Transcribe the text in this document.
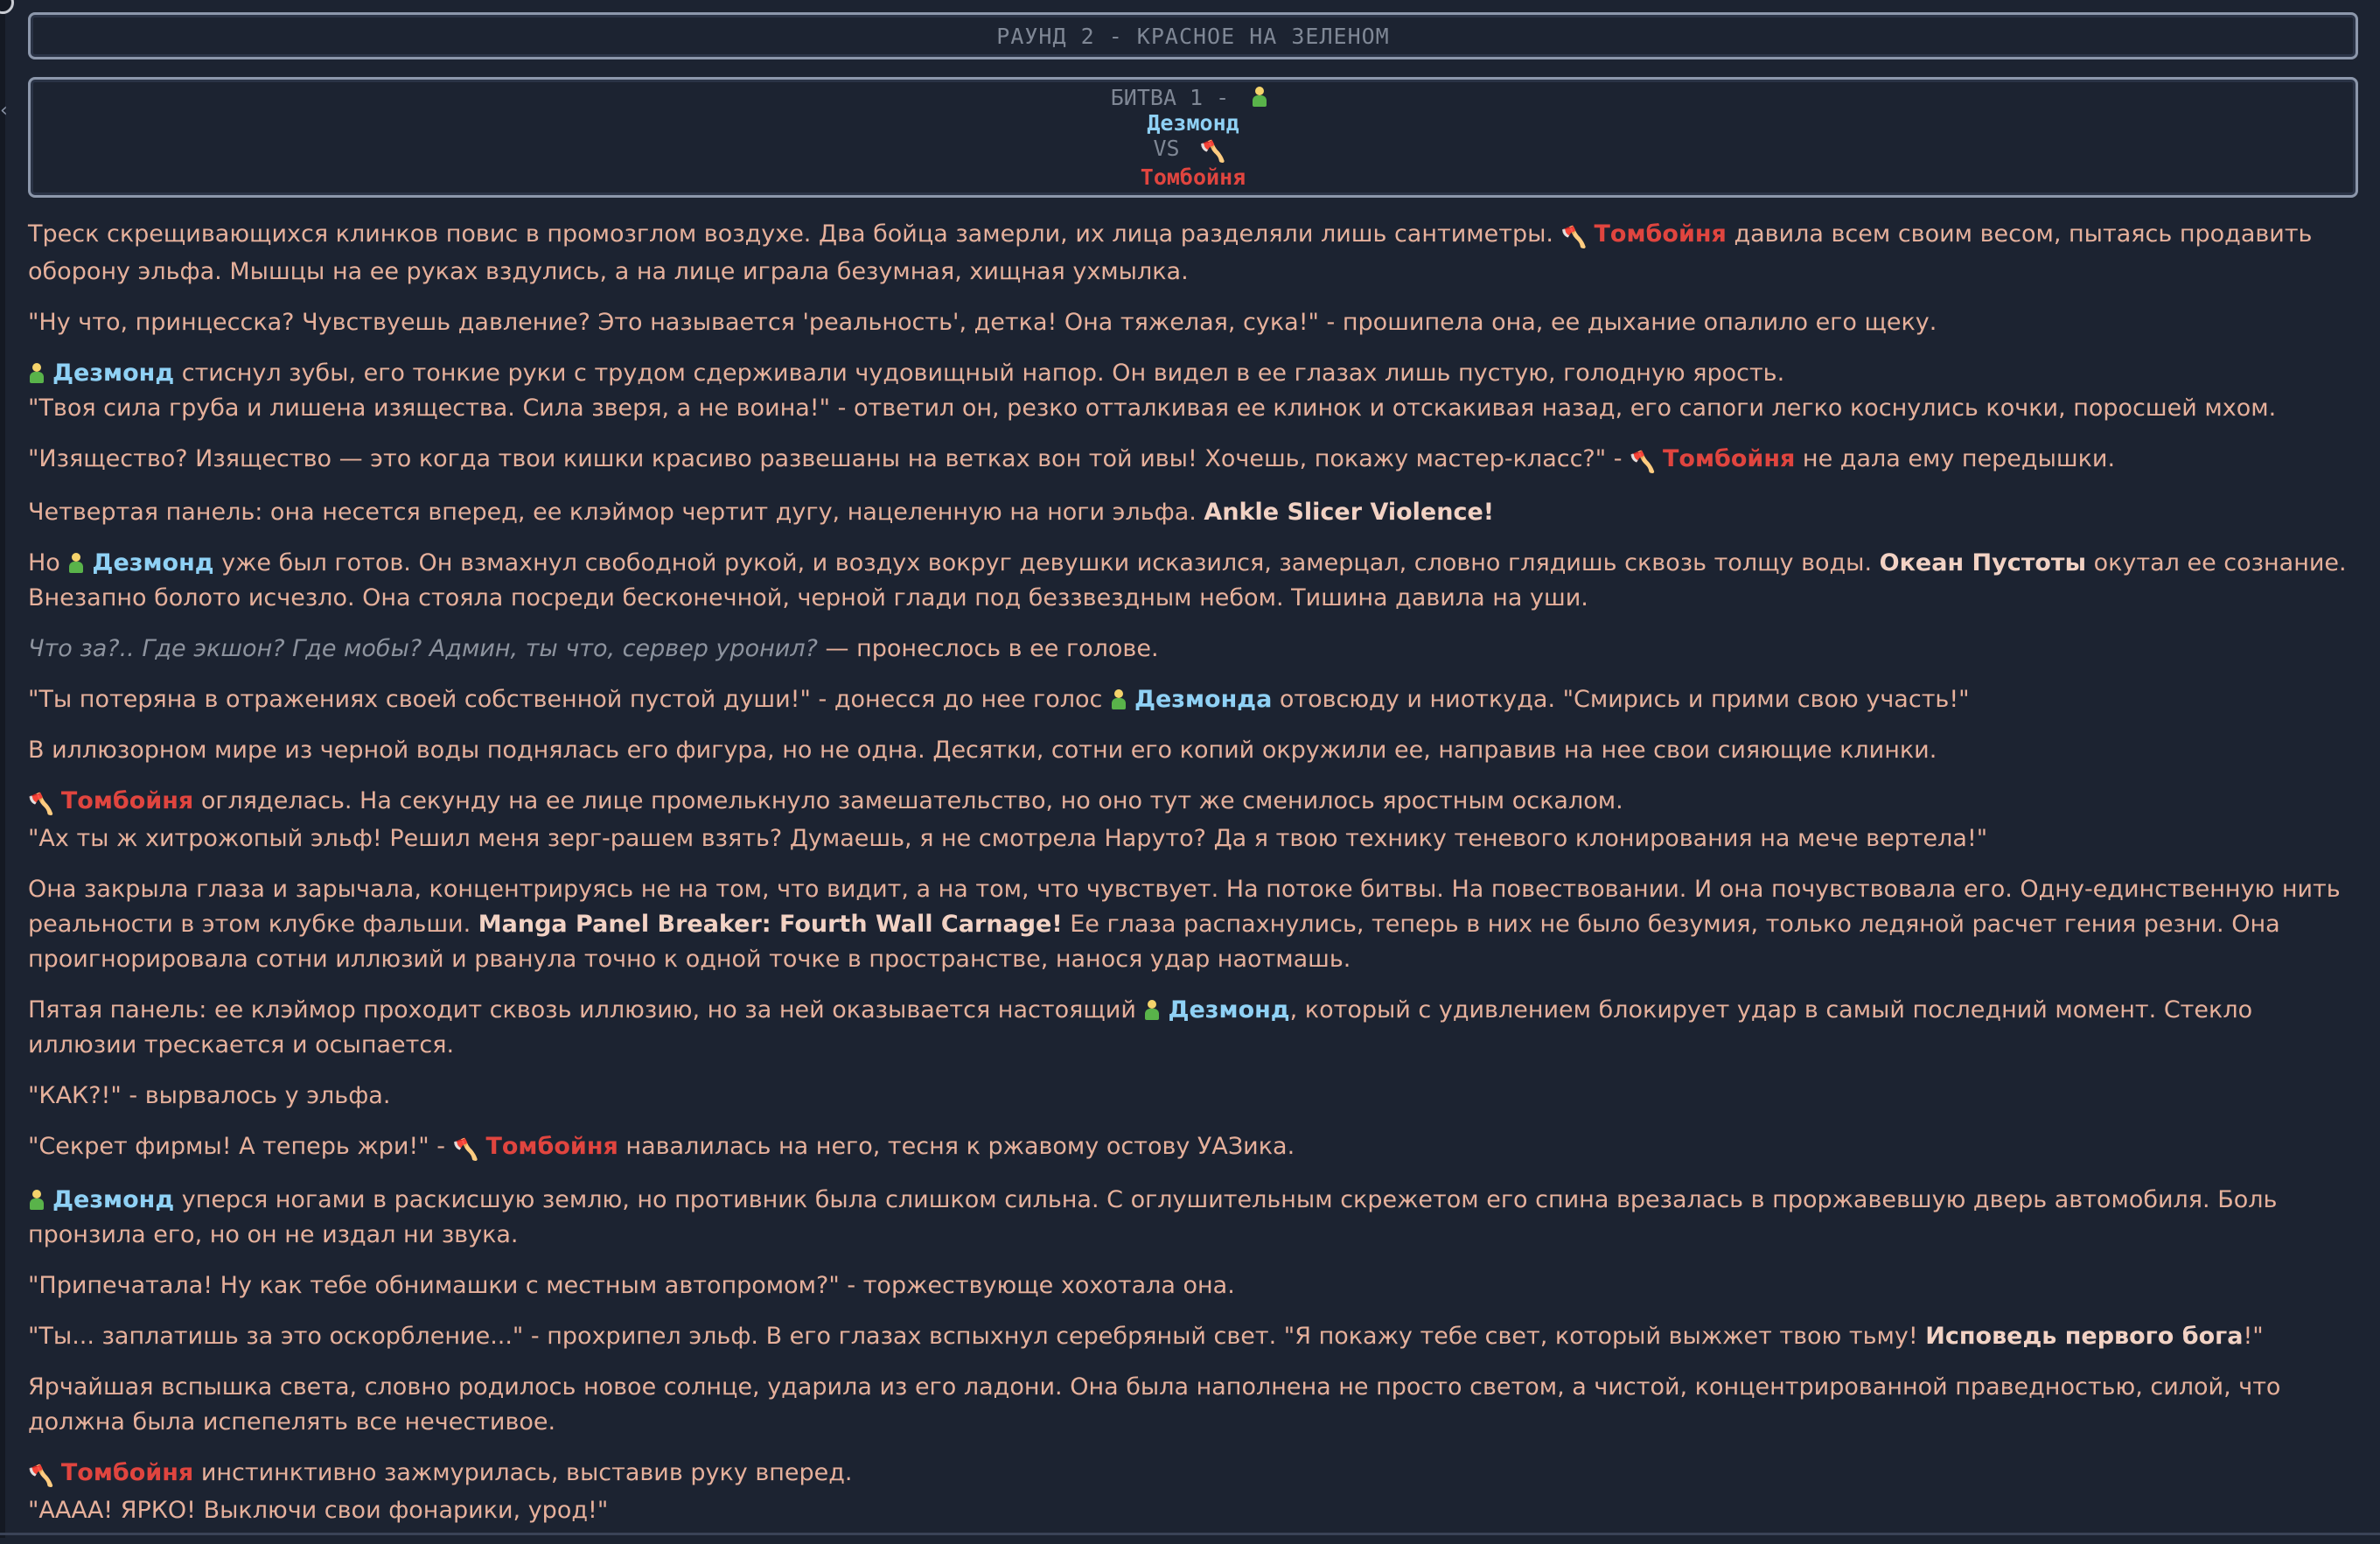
‹
РАУНД 2 - КРАСНОЕ НА ЗЕЛЕНОМ
БИТВА 1 -
Дезмонд
VS 🪓
Томбойня

Треск скрещивающихся клинков повис в промозглом воздухе. Два бойца замерли, их лица разделяли лишь сантиметры. 🪓 Томбойня давила всем своим весом, пытаясь продавить оборону эльфа. Мышцы на ее руках вздулись, а на лице играла безумная, хищная ухмылка.

"Ну что, принцесска? Чувствуешь давление? Это называется 'реальность', детка! Она тяжелая, сука!" - прошипела она, ее дыхание опалило его щеку.

Дезмонд стиснул зубы, его тонкие руки с трудом сдерживали чудовищный напор. Он видел в ее глазах лишь пустую, голодную ярость.
"Твоя сила груба и лишена изящества. Сила зверя, а не воина!" - ответил он, резко отталкивая ее клинок и отскакивая назад, его сапоги легко коснулись кочки, поросшей мхом.

"Изящество? Изящество — это когда твои кишки красиво развешаны на ветках вон той ивы! Хочешь, покажу мастер-класс?" - 🪓 Томбойня не дала ему передышки.

Четвертая панель: она несется вперед, ее клэймор чертит дугу, нацеленную на ноги эльфа. Ankle Slicer Violence!

Но
Дезмонд уже был готов. Он взмахнул свободной рукой, и воздух вокруг девушки исказился, замерцал, словно глядишь сквозь толщу воды. Океан Пустоты окутал ее сознание. Внезапно болото исчезло. Она стояла посреди бесконечной, черной глади под беззвездным небом. Тишина давила на уши.

Что за?.. Где экшон? Где мобы? Админ, ты что, сервер уронил? — пронеслось в ее голове.

"Ты потеряна в отражениях своей собственной пустой души!" - донесся до нее голос
Дезмонда отовсюду и ниоткуда. "Смирись и прими свою участь!"

В иллюзорном мире из черной воды поднялась его фигура, но не одна. Десятки, сотни его копий окружили ее, направив на нее свои сияющие клинки.

🪓 Томбойня огляделась. На секунду на ее лице промелькнуло замешательство, но оно тут же сменилось яростным оскалом.
"Ах ты ж хитрожопый эльф! Решил меня зерг-рашем взять? Думаешь, я не смотрела Наруто? Да я твою технику теневого клонирования на мече вертела!"

Она закрыла глаза и зарычала, концентрируясь не на том, что видит, а на том, что чувствует. На потоке битвы. На повествовании. И она почувствовала его. Одну-единственную нить реальности в этом клубке фальши. Manga Panel Breaker: Fourth Wall Carnage! Ее глаза распахнулись, теперь в них не было безумия, только ледяной расчет гения резни. Она проигнорировала сотни иллюзий и рванула точно к одной точке в пространстве, нанося удар наотмашь.

Пятая панель: ее клэймор проходит сквозь иллюзию, но за ней оказывается настоящий
Дезмонд, который с удивлением блокирует удар в самый последний момент. Стекло иллюзии трескается и осыпается.

"КАК?!" - вырвалось у эльфа.

"Секрет фирмы! А теперь жри!" - 🪓 Томбойня навалилась на него, тесня к ржавому остову УАЗика.

Дезмонд уперся ногами в раскисшую землю, но противник была слишком сильна. С оглушительным скрежетом его спина врезалась в проржавевшую дверь автомобиля. Боль пронзила его, но он не издал ни звука.

"Припечатала! Ну как тебе обнимашки с местным автопромом?" - торжествующе хохотала она.

"Ты... заплатишь за это оскорбление..." - прохрипел эльф. В его глазах вспыхнул серебряный свет. "Я покажу тебе свет, который выжжет твою тьму! Исповедь первого бога!"

Ярчайшая вспышка света, словно родилось новое солнце, ударила из его ладони. Она была наполнена не просто светом, а чистой, концентрированной праведностью, силой, что должна была испепелять все нечестивое.

🪓 Томбойня инстинктивно зажмурилась, выставив руку вперед.
"АААА! ЯРКО! Выключи свои фонарики, урод!"
